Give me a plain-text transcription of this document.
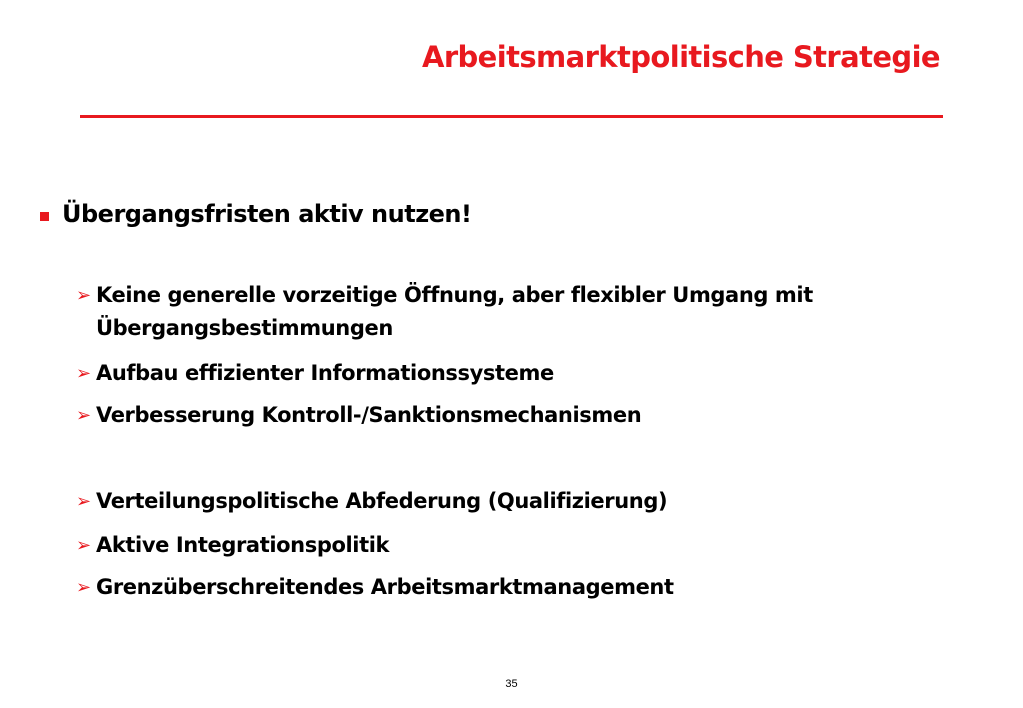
Arbeitsmarktpolitische Strategie
Übergangsfristen aktiv nutzen!
➢ Keine generelle vorzeitige Öffnung, aber flexibler Umgang mit
Übergangsbestimmungen
➢ Aufbau effizienter Informationssysteme
➢ Verbesserung Kontroll-/Sanktionsmechanismen
➢ Verteilungspolitische Abfederung (Qualifizierung)
➢ Aktive Integrationspolitik
➢ Grenzüberschreitendes Arbeitsmarktmanagement
35
